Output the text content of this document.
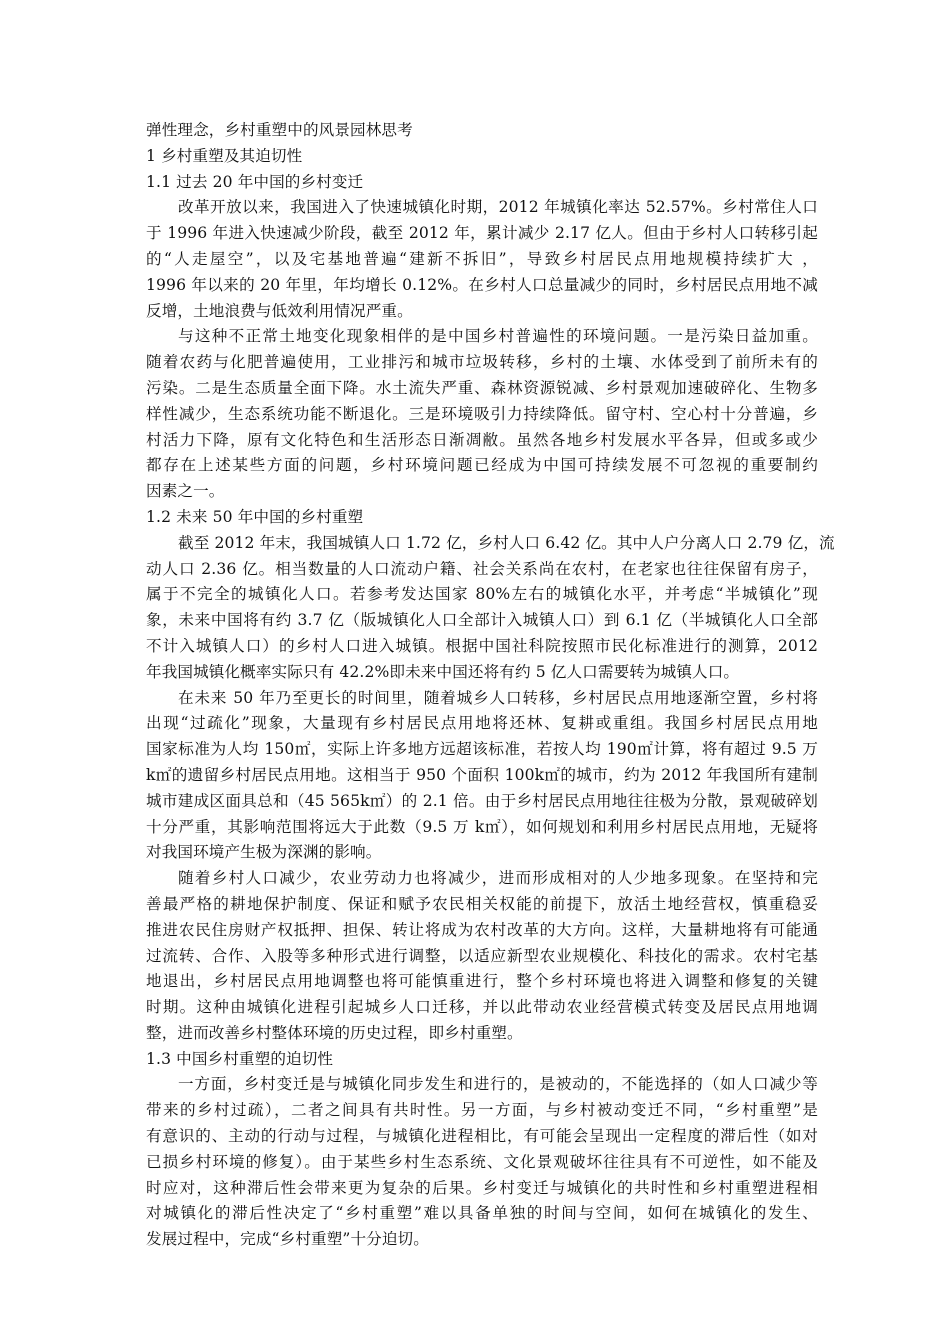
弹性理念，乡村重塑中的风景园林思考
1 乡村重塑及其迫切性
1.1 过去 20 年中国的乡村变迁
改革开放以来，我国进入了快速城镇化时期，2012 年城镇化率达 52.57%。乡村常住人口
于 1996 年进入快速减少阶段，截至 2012 年，累计减少 2.17 亿人。但由于乡村人口转移引起
的“人走屋空”，以及宅基地普遍“建新不拆旧”，导致乡村居民点用地规模持续扩大 ，
1996 年以来的 20 年里，年均增长 0.12%。在乡村人口总量减少的同时，乡村居民点用地不减
反增，土地浪费与低效利用情况严重。
与这种不正常土地变化现象相伴的是中国乡村普遍性的环境问题。一是污染日益加重。
随着农药与化肥普遍使用，工业排污和城市垃圾转移，乡村的土壤、水体受到了前所未有的
污染。二是生态质量全面下降。水土流失严重、森林资源锐减、乡村景观加速破碎化、生物多
样性减少，生态系统功能不断退化。三是环境吸引力持续降低。留守村、空心村十分普遍，乡
村活力下降，原有文化特色和生活形态日渐凋敝。虽然各地乡村发展水平各异，但或多或少
都存在上述某些方面的问题，乡村环境问题已经成为中国可持续发展不可忽视的重要制约
因素之一。
1.2 未来 50 年中国的乡村重塑
截至 2012 年末，我国城镇人口 1.72 亿，乡村人口 6.42 亿。其中人户分离人口 2.79 亿，流
动人口 2.36 亿。相当数量的人口流动户籍、社会关系尚在农村，在老家也往往保留有房子，
属于不完全的城镇化人口。若参考发达国家 80%左右的城镇化水平，并考虑“半城镇化”现
象，未来中国将有约 3.7 亿（版城镇化人口全部计入城镇人口）到 6.1 亿（半城镇化人口全部
不计入城镇人口）的乡村人口进入城镇。根据中国社科院按照市民化标准进行的测算，2012
年我国城镇化概率实际只有 42.2%即未来中国还将有约 5 亿人口需要转为城镇人口。
在未来 50 年乃至更长的时间里，随着城乡人口转移，乡村居民点用地逐渐空置，乡村将
出现“过疏化”现象，大量现有乡村居民点用地将还林、复耕或重组。我国乡村居民点用地
国家标准为人均 150㎡，实际上许多地方远超该标准，若按人均 190㎡计算，将有超过 9.5 万
k㎡的遗留乡村居民点用地。这相当于 950 个面积 100k㎡的城市，约为 2012 年我国所有建制
城市建成区面具总和（45 565k㎡）的 2.1 倍。由于乡村居民点用地往往极为分散，景观破碎划
十分严重，其影响范围将远大于此数（9.5 万 k㎡），如何规划和利用乡村居民点用地，无疑将
对我国环境产生极为深渊的影响。
随着乡村人口减少，农业劳动力也将减少，进而形成相对的人少地多现象。在坚持和完
善最严格的耕地保护制度、保证和赋予农民相关权能的前提下，放活土地经营权，慎重稳妥
推进农民住房财产权抵押、担保、转让将成为农村改革的大方向。这样，大量耕地将有可能通
过流转、合作、入股等多种形式进行调整，以适应新型农业规模化、科技化的需求。农村宅基
地退出，乡村居民点用地调整也将可能慎重进行，整个乡村环境也将进入调整和修复的关键
时期。这种由城镇化进程引起城乡人口迁移，并以此带动农业经营模式转变及居民点用地调
整，进而改善乡村整体环境的历史过程，即乡村重塑。
1.3 中国乡村重塑的迫切性
一方面，乡村变迁是与城镇化同步发生和进行的，是被动的，不能选择的（如人口减少等
带来的乡村过疏），二者之间具有共时性。另一方面，与乡村被动变迁不同，“乡村重塑”是
有意识的、主动的行动与过程，与城镇化进程相比，有可能会呈现出一定程度的滞后性（如对
已损乡村环境的修复）。由于某些乡村生态系统、文化景观破坏往往具有不可逆性，如不能及
时应对，这种滞后性会带来更为复杂的后果。乡村变迁与城镇化的共时性和乡村重塑进程相
对城镇化的滞后性决定了“乡村重塑”难以具备单独的时间与空间，如何在城镇化的发生、
发展过程中，完成“乡村重塑”十分迫切。
